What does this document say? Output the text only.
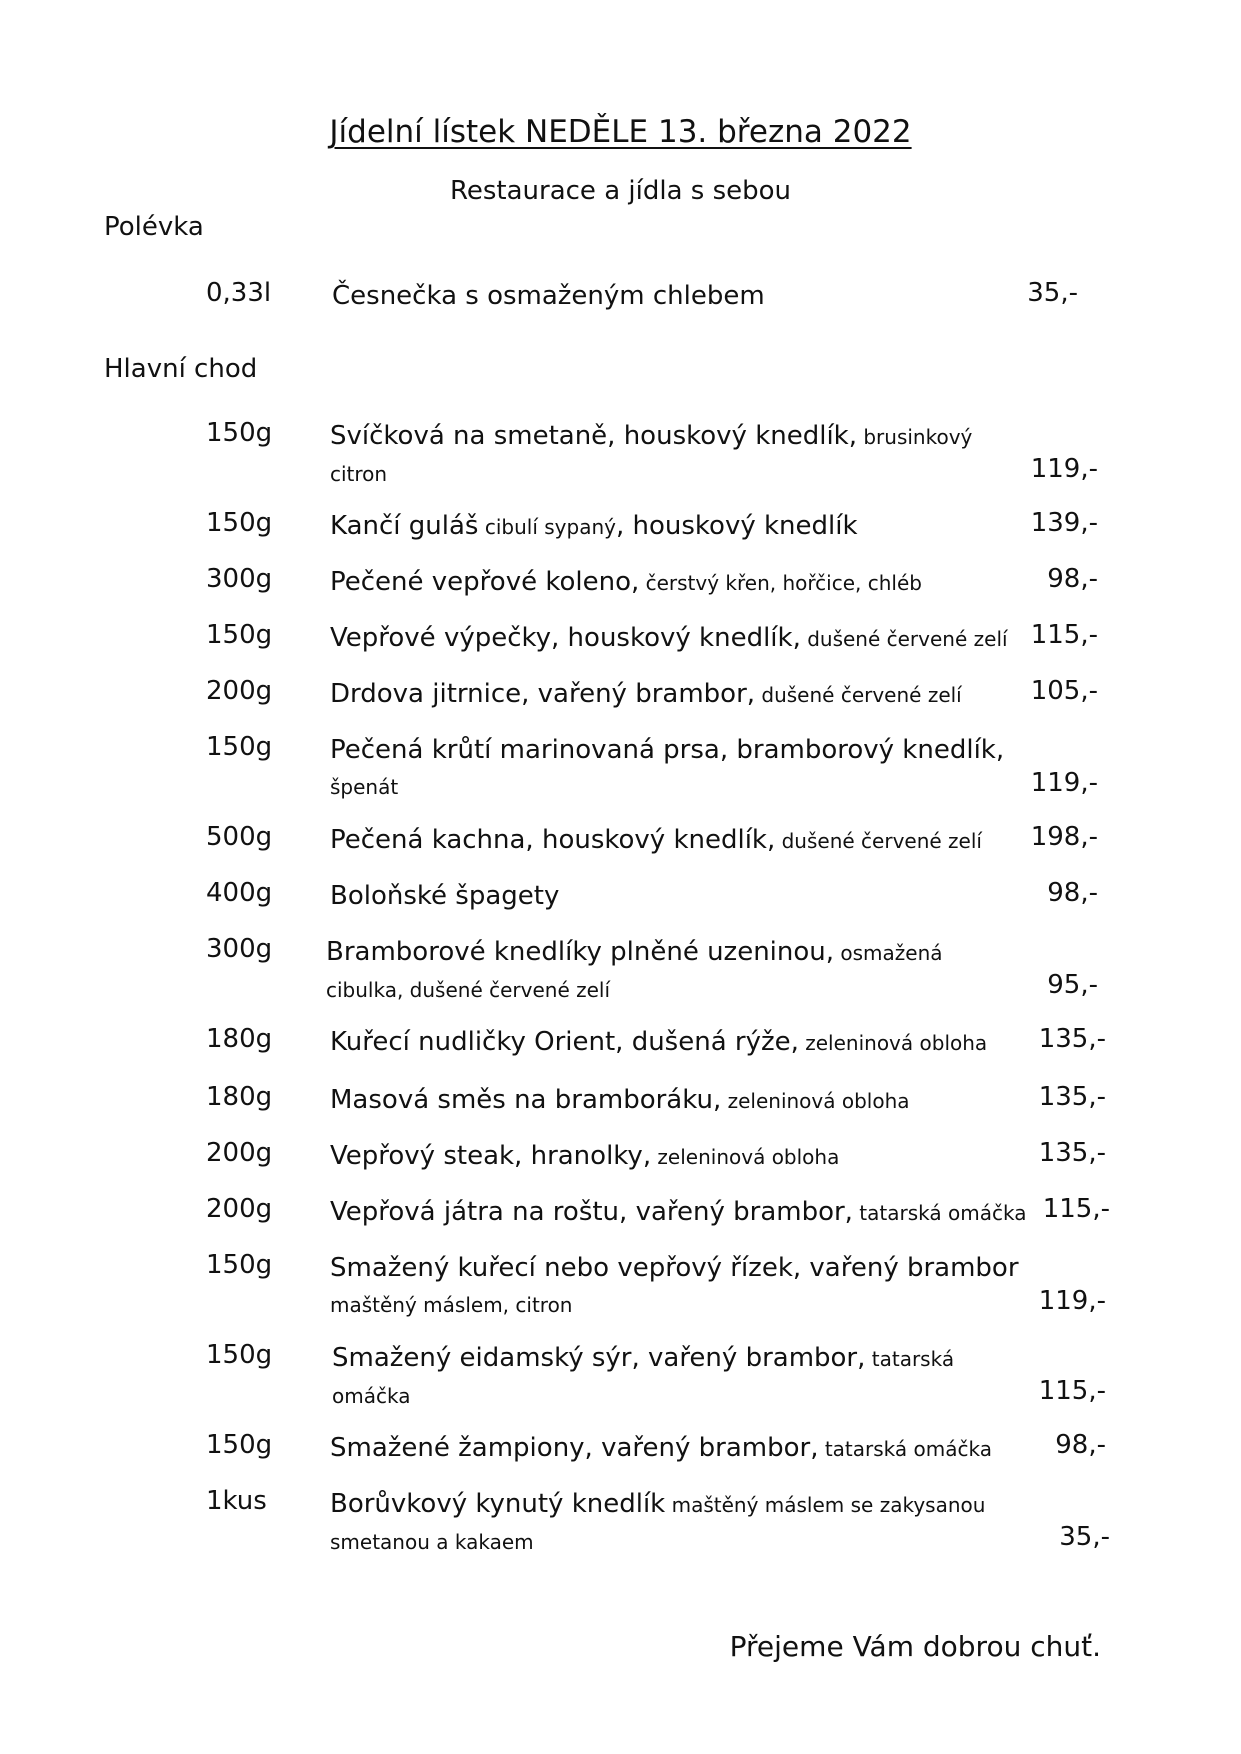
Jídelní lístek NEDĚLE 13. března 2022
Restaurace a jídla s sebou
Polévka
0,33l Česnečka s osmaženým chlebem	35,-
Hlavní chod
150g Svíčková na smetaně, houskový knedlík, brusinkový citron	119,-
150g Kančí guláš cibulí sypaný, houskový knedlík	139,-
300g Pečené vepřové koleno, čerstvý křen, hořčice, chléb	98,-
150g Vepřové výpečky, houskový knedlík, dušené červené zelí 115,-
200g Drdova jitrnice, vařený brambor, dušené červené zelí	105,-
150g Pečená krůtí marinovaná prsa, bramborový knedlík,
špenát	119,-
500g Pečená kachna, houskový knedlík, dušené červené zelí	198,-
400g Boloňské špagety	98,-
300g Bramborové knedlíky plněné uzeninou, osmažená cibulka, dušené červené zelí	95,-
180g Kuřecí nudličky Orient, dušená rýže, zeleninová obloha	135,-
180g Masová směs na bramboráku, zeleninová obloha	135,-
200g Vepřový steak, hranolky, zeleninová obloha	135,-
200g Vepřová játra na roštu, vařený brambor, tatarská omáčka 115,-
150g Smažený kuřecí nebo vepřový řízek, vařený brambor
maštěný máslem, citron	119,-
150g Smažený eidamský sýr, vařený brambor, tatarská omáčka	115,-
150g Smažené žampiony, vařený brambor, tatarská omáčka	98,-
1kus Borůvkový kynutý knedlík maštěný máslem se zakysanou smetanou a kakaem	35,-
Přejeme Vám dobrou chuť.
